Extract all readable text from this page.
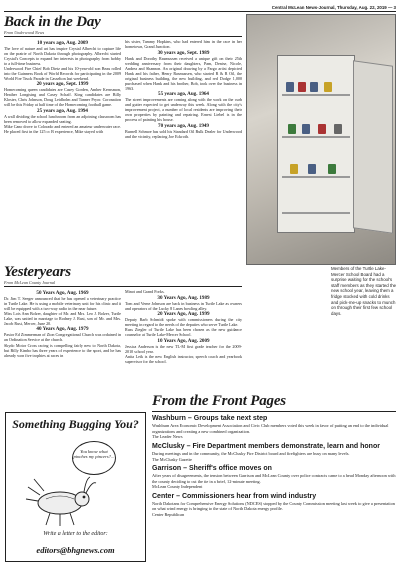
Central McLean News-Journal, Thursday, Aug. 22, 2019 — 3
Back in the Day
From Underwood News
10 years ago, Aug. 2009

The love of nature and art has inspire Crystal Albrecht to capture life on the prairie of North Dakota through photography. Albrecht started Crystal's Concepts to expand her interests in photography from hobby to a full-time business.

Underwood Fire Chief Bob Dietz and his 10-year-old son Beau rolled into the Guinness Book of World Records for participating in the 2009 World Fire Truck Parade in Casselton last weekend.

20 years ago, Sept. 1999

Homecoming queen candidates are Casey Gorden, Amber Kernsmon, Heather Longtsing and Casey Schaff. King candidates are Billy Kloster, Chris Johnson, Doug Leidholm and Tanner Pryor. Coronation will be this Friday at half time of the Homecoming football game.

25 years ago, Aug. 1994

A wall dividing the school lunchroom from an adjoining classroom has been removed to allow expanded seating.

Mike Cano drove to Colorado and entered an amateur underwater race. He placed first in the 125 cc B experience, Mike stayed with

his sister, Tammy Hopkins, who had entered him in the race in her hometown, Grand Junction.

30 years ago, Sept. 1989

Hank and Dorothy Rasmussen received a unique gift on their 25th wedding anniversary from their daughters, Pam, Denise, Nicole, Andrea and Shannon. An original drawing by a Fargo artist depicted Hank and his father, Henry Rasmussen, who started R & R Oil, the original business building, the new building, and red Dodge 1,000 purchased when Hank and his brother, Bob, took over the business in 1963.

55 years ago, Aug. 1964

The street improvements are coming along with the work on the curb and gutter expected to get underway this week. Along with the city's improvement project, a number of local residents are improving their own properties by painting and repairing. Ernest Liebel is in the process of painting his house.

70 years ago, Aug. 1949

Burnell Schmoe has sold his Standard Oil Bulk Dealer for Underwood and the vicinity, replacing Joe Eckroth.

Yesteryears
From McLean County Journal
50 Years Ago, Aug. 1969

Dr. Jim T. Seeger announced that he has opened a veterinary practice in Turtle Lake. He is using a mobile veterinary unit for his clinic and it will be equipped with a two-way radio in the near future.

Miss Lois Ann Bolzer, daughter of Mr. and Mrs. Leo J. Bolzer, Turtle Lake, was united in marriage to Rodney J. Rust, son of Mr. and Mrs. Jacob Rust, Mercer, June 20.

40 Years Ago, Aug. 1979

Pastor Ed Zimmerman of Zion Congregational Church was ordained in an Ordination Service at the church.

Skydo Motor Cross racing is compelling fairly new to North Dakota, but Billy Kimbo has three years of experience to the sport, and he has already won five trophies at races in

Minot and Grand Forks.

30 Years Ago, Aug. 1989

Tom and Verne Johnson are back in business in Turtle Lake as owners and operators of the Lucky 8 Lanes bowling alley.

20 Years Ago, Aug. 1999

Deputy Barb Schmidt spoke with commissioners during the city meeting in regard to the needs of the deputies who serve Turtle Lake.

Russ Ziegler of Turtle Lake has been chosen as the new guidance counselor at Turtle Lake-Mercer School.

10 Years Ago, Aug. 2009

Jessica Anderson is the new TL-M first grade teacher for the 2009-2010 school year.

Anita Leik is the new English instructor, speech coach and yearbook supervisor for the school.

Members of the Turtle Lake-Mercer School Board had a surprise waiting for the school's staff members as they started the new school year, leaving them a fridge stocked with cold drinks and pick-me-up snacks to munch on through their first few school days.
From the Front Pages
Washburn – Groups take next step
Washburn Area Economic Development Association and Civic Club members voted this week in favor of putting an end to the individual organizations and creating a new combined organization.
The Leader News
McClusky – Fire Department members demonstrate, learn and honor
During meetings and in the community, the McClusky Fire District board and firefighters are busy on many levels.
The McClusky Gazette
Garrison – Sheriff's office moves on
After years of disagreements, the tension between Garrison and McLean County over police contracts came to a head Monday afternoon with the county deciding to cut the tie in a brief, 12-minute meeting.
McLean County Independent
Center – Commissioners hear from wind industry
North Dakotans for Comprehensive Energy Solutions (NDCES) stopped by the County Commission meeting last week to give a presentation on what wind energy is bringing to the state of North Dakota energy profile.
Center Republican
Something Bugging You?
You know what pinches my pincers?...
Write a letter to the editor:
editors@bhgnews.com
